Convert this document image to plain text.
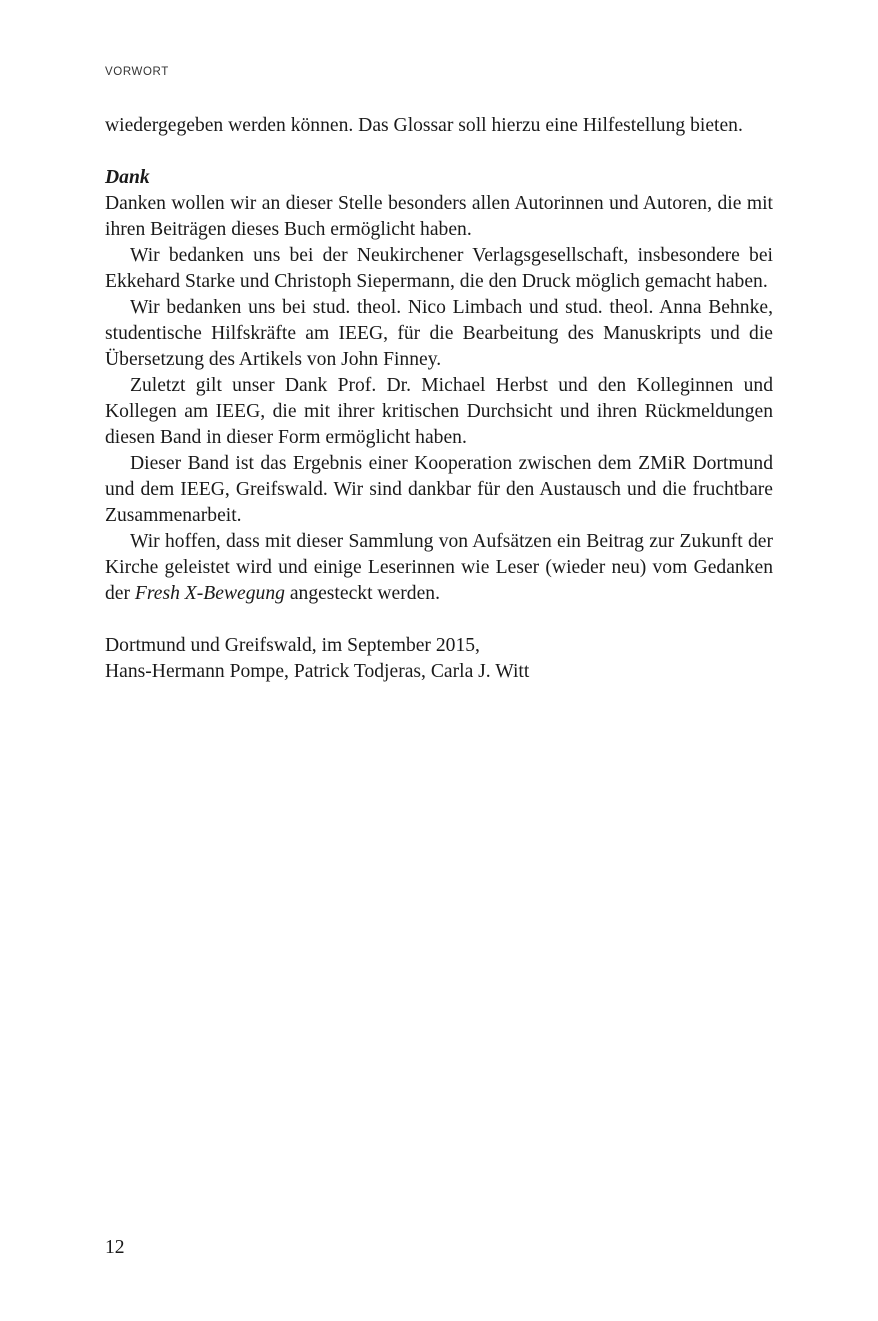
VORWORT

wiedergegeben werden können. Das Glossar soll hierzu eine Hilfestellung bieten.

Dank

Danken wollen wir an dieser Stelle besonders allen Autorinnen und Autoren, die mit ihren Beiträgen dieses Buch ermöglicht haben.

Wir bedanken uns bei der Neukirchener Verlagsgesellschaft, insbesondere bei Ekkehard Starke und Christoph Siepermann, die den Druck möglich gemacht haben.

Wir bedanken uns bei stud. theol. Nico Limbach und stud. theol. Anna Behnke, studentische Hilfskräfte am IEEG, für die Bearbeitung des Manuskripts und die Übersetzung des Artikels von John Finney.

Zuletzt gilt unser Dank Prof. Dr. Michael Herbst und den Kolleginnen und Kollegen am IEEG, die mit ihrer kritischen Durchsicht und ihren Rückmeldungen diesen Band in dieser Form ermöglicht haben.

Dieser Band ist das Ergebnis einer Kooperation zwischen dem ZMiR Dortmund und dem IEEG, Greifswald. Wir sind dankbar für den Austausch und die fruchtbare Zusammenarbeit.

Wir hoffen, dass mit dieser Sammlung von Aufsätzen ein Beitrag zur Zukunft der Kirche geleistet wird und einige Leserinnen wie Leser (wieder neu) vom Gedanken der Fresh X-Bewegung angesteckt werden.

Dortmund und Greifswald, im September 2015,
Hans-Hermann Pompe, Patrick Todjeras, Carla J. Witt
12
